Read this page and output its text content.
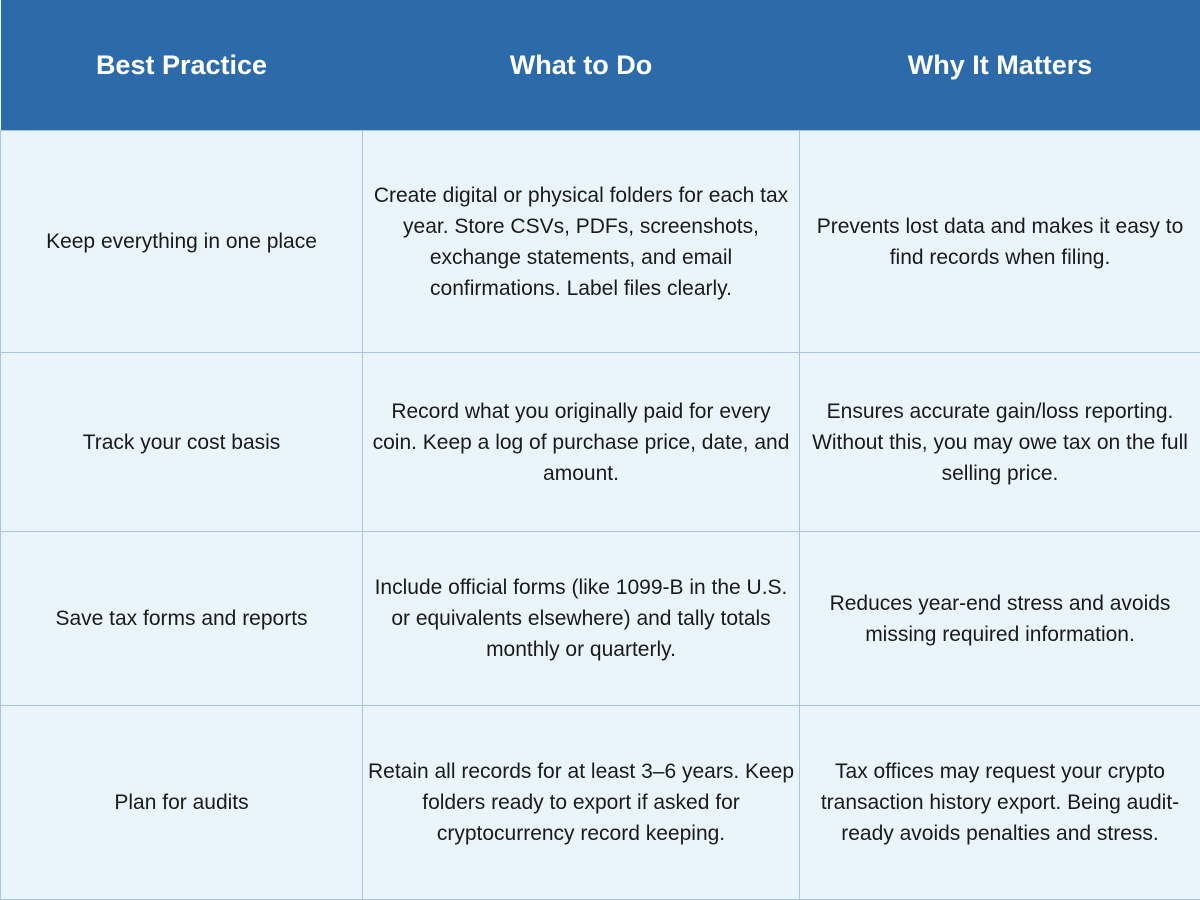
Best Practice	What to Do	Why It Matters
Keep everything in one place	Create digital or physical folders for each tax year. Store CSVs, PDFs, screenshots, exchange statements, and email confirmations. Label files clearly.	Prevents lost data and makes it easy to find records when filing.
Track your cost basis	Record what you originally paid for every coin. Keep a log of purchase price, date, and amount.	Ensures accurate gain/loss reporting. Without this, you may owe tax on the full selling price.
Save tax forms and reports	Include official forms (like 1099-B in the U.S. or equivalents elsewhere) and tally totals monthly or quarterly.	Reduces year-end stress and avoids missing required information.
Plan for audits	Retain all records for at least 3–6 years. Keep folders ready to export if asked for cryptocurrency record keeping.	Tax offices may request your crypto transaction history export. Being audit-ready avoids penalties and stress.
